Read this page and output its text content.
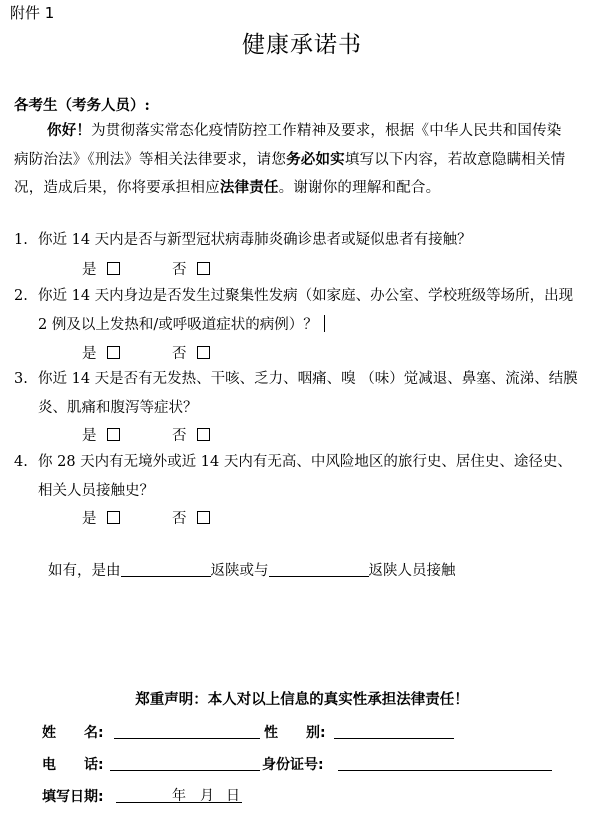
附件 1
健康承诺书
各考生（考务人员）:
你好！为贯彻落实常态化疫情防控工作精神及要求，根据《中华人民共和国传染病防治法》《刑法》等相关法律要求，请您务必如实填写以下内容，若故意隐瞒相关情况，造成后果，你将要承担相应法律责任。谢谢你的理解和配合。
1. 你近 14 天内是否与新型冠状病毒肺炎确诊患者或疑似患者有接触？
是	否
2. 你近 14 天内身边是否发生过聚集性发病（如家庭、办公室、学校班级等场所，出现 2 例及以上发热和/或呼吸道症状的病例）？
是	否
3. 你近 14 天是否有无发热、干咳、乏力、咽痛、嗅 （味）觉减退、鼻塞、流涕、结膜炎、肌痛和腹泻等症状？
是	否
4. 你 28 天内有无境外或近 14 天内有无高、中风险地区的旅行史、居住史、途径史、相关人员接触史？
是	否
如有，是由	返陕或与	返陕人员接触
郑重声明：本人对以上信息的真实性承担法律责任！
姓　　名:	性　　别:
电　　话:	身份证号:
填写日期:	年 月 日
